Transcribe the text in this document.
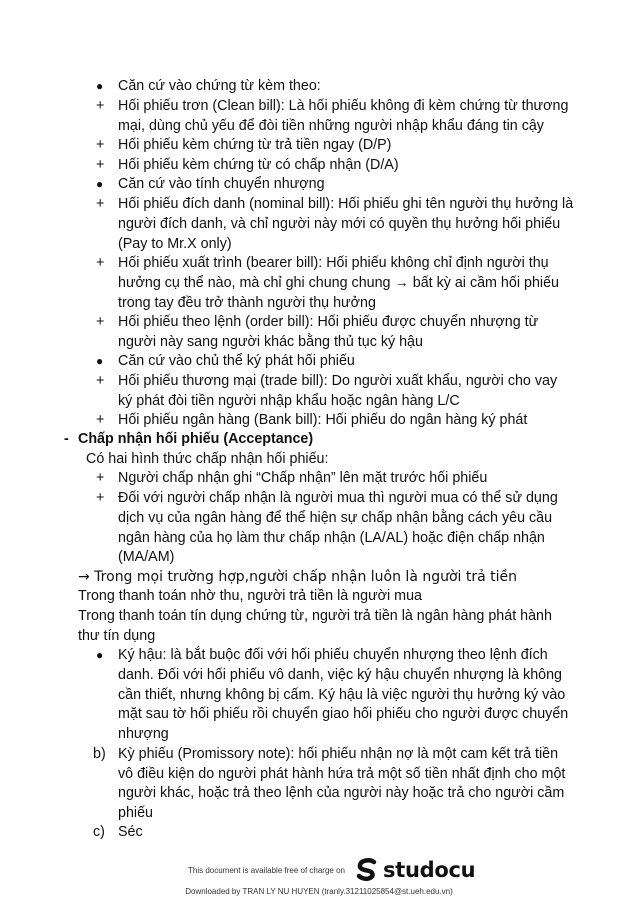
● Căn cứ vào chứng từ kèm theo:

+ Hối phiếu trơn (Clean bill): Là hối phiếu không đi kèm chứng từ thương

mại, dùng chủ yếu để đòi tiền những người nhập khẩu đáng tin cậy

+ Hối phiếu kèm chứng từ trả tiền ngay (D/P)

+ Hối phiếu kèm chứng từ có chấp nhận (D/A)

● Căn cứ vào tính chuyển nhượng

+ Hối phiếu đích danh (nominal bill): Hối phiếu ghi tên người thụ hưởng là

người đích danh, và chỉ người này mới có quyền thụ hưởng hối phiếu

(Pay to Mr.X only)

+ Hối phiếu xuất trình (bearer bill): Hối phiếu không chỉ định người thụ

hưởng cụ thể nào, mà chỉ ghi chung chung → bất kỳ ai cầm hối phiếu

trong tay đều trở thành người thụ hưởng

+ Hối phiếu theo lệnh (order bill): Hối phiếu được chuyển nhượng từ

người này sang người khác bằng thủ tục ký hậu

● Căn cứ vào chủ thể ký phát hối phiếu

+ Hối phiếu thương mại (trade bill): Do người xuất khẩu, người cho vay

ký phát đòi tiền người nhập khẩu hoặc ngân hàng L/C

+ Hối phiếu ngân hàng (Bank bill): Hối phiếu do ngân hàng ký phát

- Chấp nhận hối phiếu (Acceptance)

Có hai hình thức chấp nhận hối phiếu:

+ Người chấp nhận ghi “Chấp nhận” lên mặt trước hối phiếu

+ Đối với người chấp nhận là người mua thì người mua có thể sử dụng

dịch vụ của ngân hàng để thể hiện sự chấp nhận bằng cách yêu cầu

ngân hàng của họ làm thư chấp nhận (LA/AL) hoặc điện chấp nhận

(MA/AM)

→ Trong mọi trường hợp,người chấp nhận luôn là người trả tiền

Trong thanh toán nhờ thu, người trả tiền là người mua

Trong thanh toán tín dụng chứng từ, người trả tiền là ngân hàng phát hành

thư tín dụng

● Ký hậu: là bắt buộc đối với hối phiếu chuyển nhượng theo lệnh đích

danh. Đối với hối phiếu vô danh, việc ký hậu chuyển nhượng là không

cần thiết, nhưng không bị cấm. Ký hậu là việc người thụ hưởng ký vào

mặt sau tờ hối phiếu rồi chuyển giao hối phiếu cho người được chuyển

nhượng

b) Kỳ phiếu (Promissory note): hối phiếu nhận nợ là một cam kết trả tiền

vô điều kiện do người phát hành hứa trả một số tiền nhất định cho một

người khác, hoặc trả theo lệnh của người này hoặc trả cho người cầm

phiếu

c) Séc

This document is available free of charge on studocu
Downloaded by TRAN LY NU HUYEN (tranly.31211025854@st.ueh.edu.vn)
